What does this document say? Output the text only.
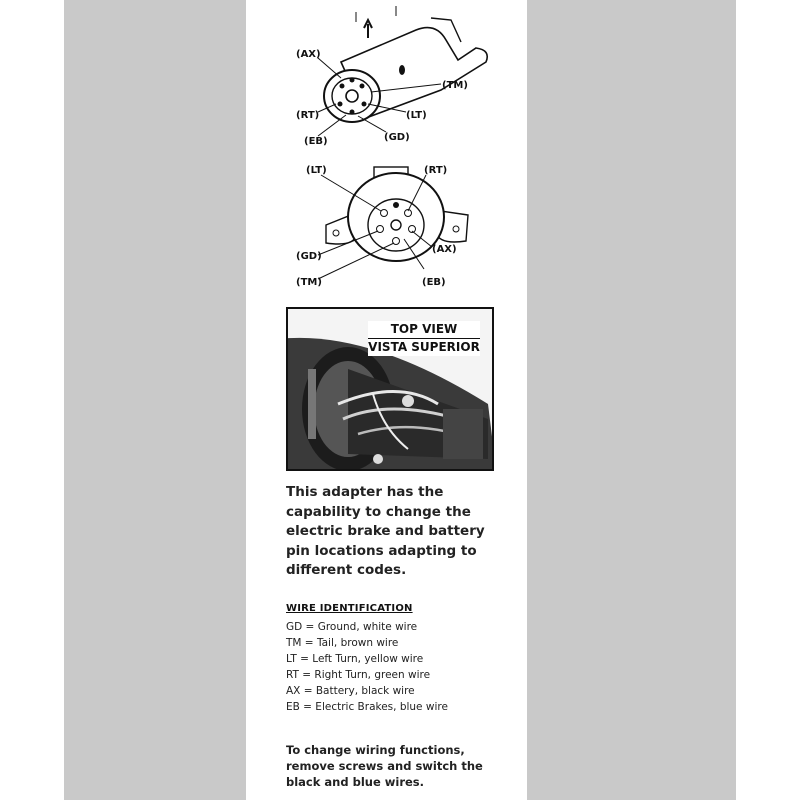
(AX)
(TM)
(RT)	(LT)
(EB)	(GD)
(LT)	(RT)
(GD)
(AX)
(TM)	(EB)
TOP VIEW
VISTA SUPERIOR
This adapter has the capability to change the electric brake and battery pin locations adapting to different codes.
WIRE IDENTIFICATION
GD = Ground, white wire
TM = Tail, brown wire
LT = Left Turn, yellow wire
RT = Right Turn, green wire
AX = Battery, black wire
EB = Electric Brakes, blue wire
To change wiring functions, remove screws and switch the black and blue wires.
